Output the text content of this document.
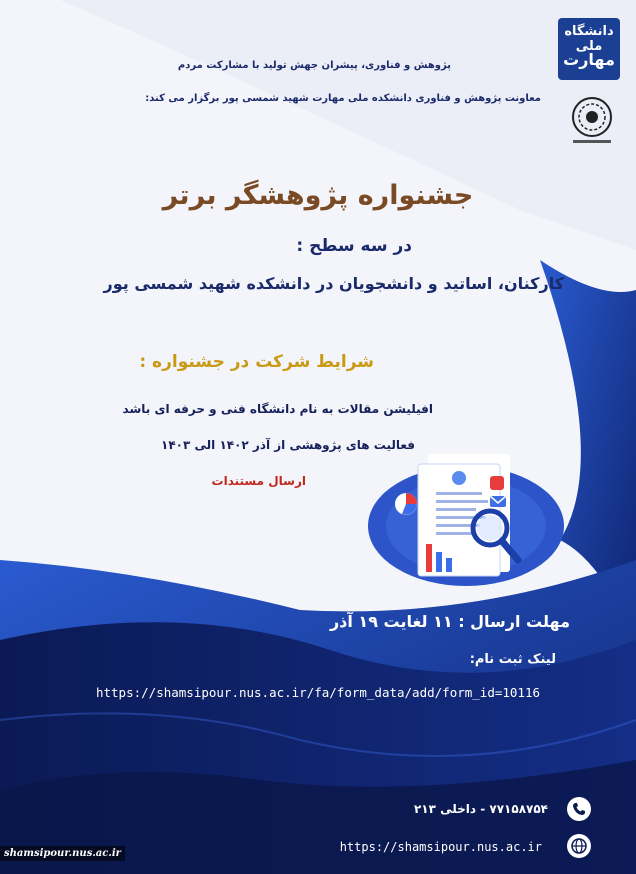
دانشگاه ملی
مهارت
پژوهش و فناوری، پیشران جهش تولید با مشارکت مردم
معاونت پژوهش و فناوری دانشکده ملی مهارت شهید شمسی پور برگزار می کند:
جشنواره پژوهشگر برتر
در سه سطح :
کارکنان، اساتید و دانشجویان در دانشکده شهید شمسی پور
شرایط شرکت در جشنواره :
افیلیشن مقالات به نام دانشگاه فنی و حرفه ای باشد
فعالیت های پژوهشی از آذر ۱۴۰۲ الی ۱۴۰۳
ارسال مستندات
مهلت ارسال : ۱۱ لغایت ۱۹ آذر
لینک ثبت نام:
https://shamsipour.nus.ac.ir/fa/form_data/add/form_id=10116
۷۷۱۵۸۷۵۴ - داخلی ۲۱۳
https://shamsipour.nus.ac.ir
shamsipour.nus.ac.ir
